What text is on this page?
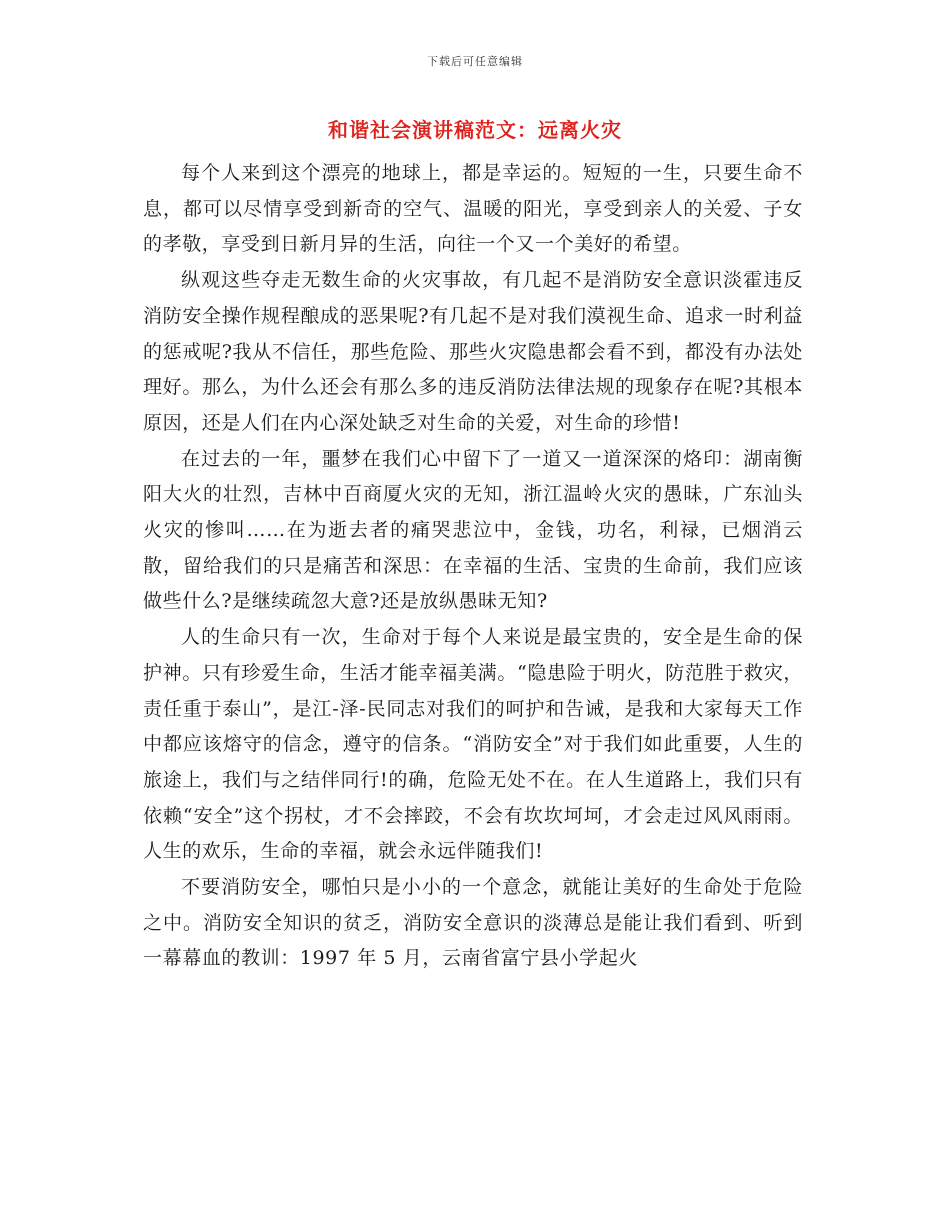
下载后可任意编辑
和谐社会演讲稿范文：远离火灾

每个人来到这个漂亮的地球上，都是幸运的。短短的一生，只要生命不息，都可以尽情享受到新奇的空气、温暖的阳光，享受到亲人的关爱、子女的孝敬，享受到日新月异的生活，向往一个又一个美好的希望。

纵观这些夺走无数生命的火灾事故，有几起不是消防安全意识淡霍违反消防安全操作规程酿成的恶果呢?有几起不是对我们漠视生命、追求一时利益的惩戒呢?我从不信任，那些危险、那些火灾隐患都会看不到，都没有办法处理好。那么，为什么还会有那么多的违反消防法律法规的现象存在呢?其根本原因，还是人们在内心深处缺乏对生命的关爱，对生命的珍惜!

在过去的一年，噩梦在我们心中留下了一道又一道深深的烙印：湖南衡阳大火的壮烈，吉林中百商厦火灾的无知，浙江温岭火灾的愚昧，广东汕头火灾的惨叫……在为逝去者的痛哭悲泣中，金钱，功名，利禄，已烟消云散，留给我们的只是痛苦和深思：在幸福的生活、宝贵的生命前，我们应该做些什么?是继续疏忽大意?还是放纵愚昧无知?

人的生命只有一次，生命对于每个人来说是最宝贵的，安全是生命的保护神。只有珍爱生命，生活才能幸福美满。“隐患险于明火，防范胜于救灾，责任重于泰山”，是江-泽-民同志对我们的呵护和告诫，是我和大家每天工作中都应该熔守的信念，遵守的信条。“消防安全”对于我们如此重要，人生的旅途上，我们与之结伴同行!的确，危险无处不在。在人生道路上，我们只有依赖“安全”这个拐杖，才不会摔跤，不会有坎坎坷坷，才会走过风风雨雨。人生的欢乐，生命的幸福，就会永远伴随我们!

不要消防安全，哪怕只是小小的一个意念，就能让美好的生命处于危险之中。消防安全知识的贫乏，消防安全意识的淡薄总是能让我们看到、听到一幕幕血的教训：1997 年 5 月，云南省富宁县小学起火
